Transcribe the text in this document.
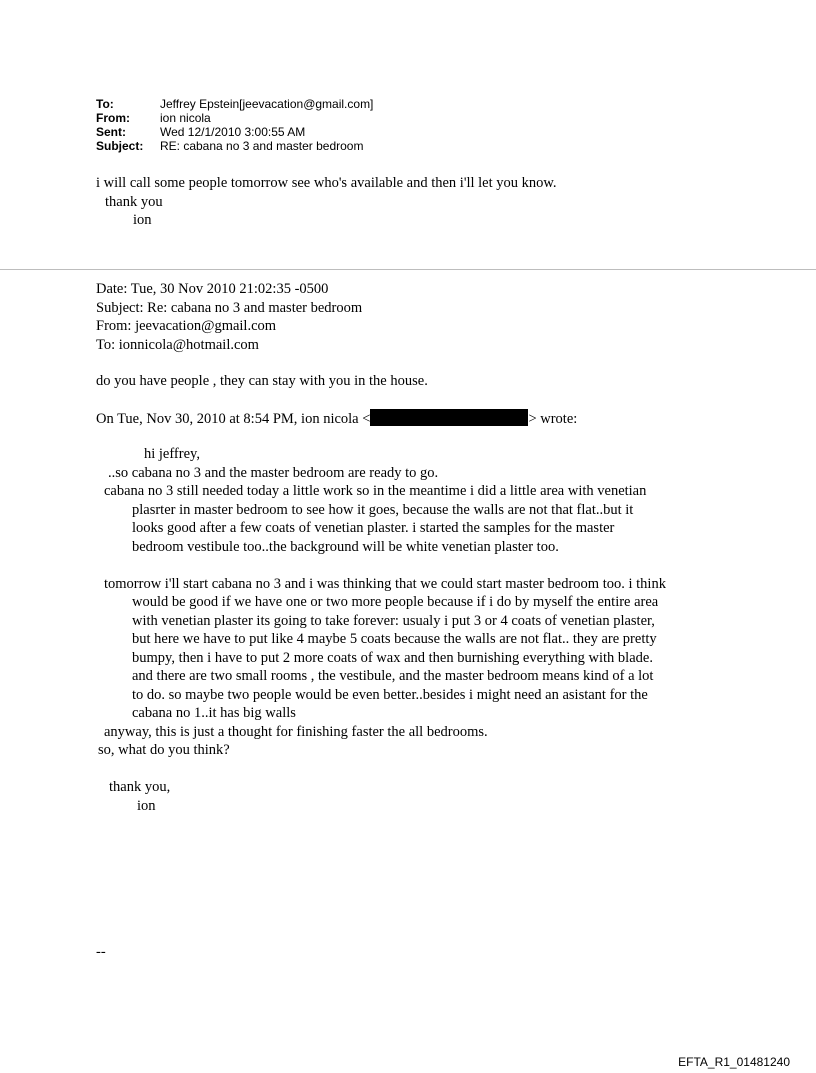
To:	Jeffrey Epstein[jeevacation@gmail.com]
From:	ion nicola
Sent:	Wed 12/1/2010 3:00:55 AM
Subject:	RE: cabana no 3 and master bedroom

i will call some people tomorrow see who's available and then i'll let you know.

thank you

ion

Date: Tue, 30 Nov 2010 21:02:35 -0500

Subject: Re: cabana no 3 and master bedroom

From: jeevacation@gmail.com

To: ionnicola@hotmail.com

do you have people , they can stay with you in the house.

On Tue, Nov 30, 2010 at 8:54 PM, ion nicola <	> wrote:

hi jeffrey,

..so cabana no 3 and the master bedroom are ready to go.

cabana no 3 still needed today a little work so in the meantime i did a little area with venetian plasrter in master bedroom to see how it goes, because the walls are not that flat..but it looks good after a few coats of venetian plaster. i started the samples for the master bedroom vestibule too..the background will be white venetian plaster too.

tomorrow i'll start cabana no 3 and i was thinking that we could start master bedroom too. i think would be good if we have one or two more people because if i do by myself the entire area with venetian plaster its going to take forever: usualy i put 3 or 4 coats of venetian plaster, but here we have to put like 4 maybe 5 coats because the walls are not flat.. they are pretty bumpy, then i have to put 2 more coats of wax and then burnishing everything with blade. and there are two small rooms , the vestibule, and the master bedroom means kind of a lot to do. so maybe two people would be even better..besides i might need an asistant for the cabana no 1..it has big walls

anyway, this is just a thought for finishing faster the all bedrooms.

so, what do you think?

thank you,

ion

--

EFTA_R1_01481240
